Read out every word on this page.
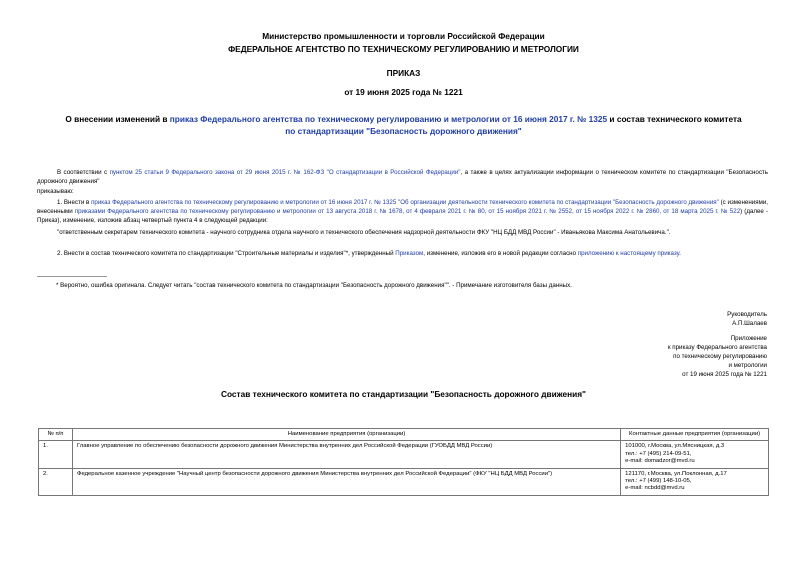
Министерство промышленности и торговли Российской Федерации
ФЕДЕРАЛЬНОЕ АГЕНТСТВО ПО ТЕХНИЧЕСКОМУ РЕГУЛИРОВАНИЮ И МЕТРОЛОГИИ
ПРИКАЗ
от 19 июня 2025 года № 1221
О внесении изменений в приказ Федерального агентства по техническому регулированию и метрологии от 16 июня 2017 г. № 1325 и состав технического комитета
по стандартизации "Безопасность дорожного движения"
В соответствии с пунктом 25 статьи 9 Федерального закона от 29 июня 2015 г. № 162-ФЗ "О стандартизации в Российской Федерации", а также в целях актуализации информации о техническом комитете по стандартизации "Безопасность дорожного движения"
приказываю:
1. Внести в приказ Федерального агентства по техническому регулированию и метрологии от 16 июня 2017 г. № 1325 "Об организации деятельности технического комитета по стандартизации "Безопасность дорожного движения" (с изменениями, внесенными приказами Федерального агентства по техническому регулированию и метрологии от 13 августа 2018 г. № 1678, от 4 февраля 2021 г. № 80, от 15 ноября 2021 г. № 2552, от 15 ноября 2022 г. № 2860, от 18 марта 2025 г. № 522) (далее - Приказ), изменение, изложив абзац четвертый пункта 4 в следующей редакции:
"ответственным секретарем технического комитета - научного сотрудника отдела научного и технического обеспечения надзорной деятельности ФКУ "НЦ БДД МВД России" - Иваньякова Максима Анатольевича.".
2. Внести в состав технического комитета по стандартизации "Строительные материалы и изделия"*, утвержденный Приказом, изменение, изложив его в новой редакции согласно приложению к настоящему приказу.
* Вероятно, ошибка оригинала. Следует читать "состав технического комитета по стандартизации "Безопасность дорожного движения"". - Примечание изготовителя базы данных.
Руководитель
А.П.Шалаев
Приложение
к приказу Федерального агентства
по техническому регулированию
и метрологии
от 19 июня 2025 года № 1221
Состав технического комитета по стандартизации "Безопасность дорожного движения"
№ п/п	Наименование предприятия (организации)	Контактные данные предприятия (организации)
1.	Главное управление по обеспечению безопасности дорожного движения Министерства внутренних дел Российской Федерации (ГУОБДД МВД России)	101000, г.Москва, ул.Мясницкая, д.3
тел.: +7 (495) 214-09-51,
e-mail: domadzor@mvd.ru

2.	Федеральное казенное учреждение "Научный центр безопасности дорожного движения Министерства внутренних дел Российской Федерации" (ФКУ "НЦ БДД МВД России")	121170, г.Москва, ул.Поклонная, д.17
тел.: +7 (499) 148-10-05,
e-mail: ncbdd@mvd.ru
